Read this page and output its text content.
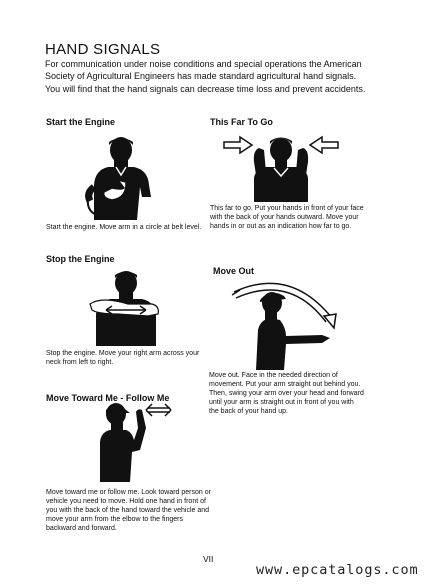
HAND SIGNALS
For communication under noise conditions and special operations the American Society of Agricultural Engineers has made standard agricultural hand signals. You will find that the hand signals can decrease time loss and prevent accidents.
Start the Engine
Start the engine. Move arm in a circle at belt level.
This Far To Go
This far to go. Put your hands in front of your face with the back of your hands outward. Move your hands in or out as an indication how far to go.
Stop the Engine
Stop the engine. Move your right arm across your neck from left to right.
Move Out
Move out. Face in the needed direction of movement. Put your arm straight out behind you. Then, swing your arm over your head and forward until your arm is straight out in front of you with the back of your hand up.
Move Toward Me - Follow Me
Move toward me or follow me. Look toward person or vehicle you need to move. Hold one hand in front of you with the back of the hand toward the vehicle and move your arm from the elbow to the fingers backward and forward.
VII
www.epcatalogs.com
